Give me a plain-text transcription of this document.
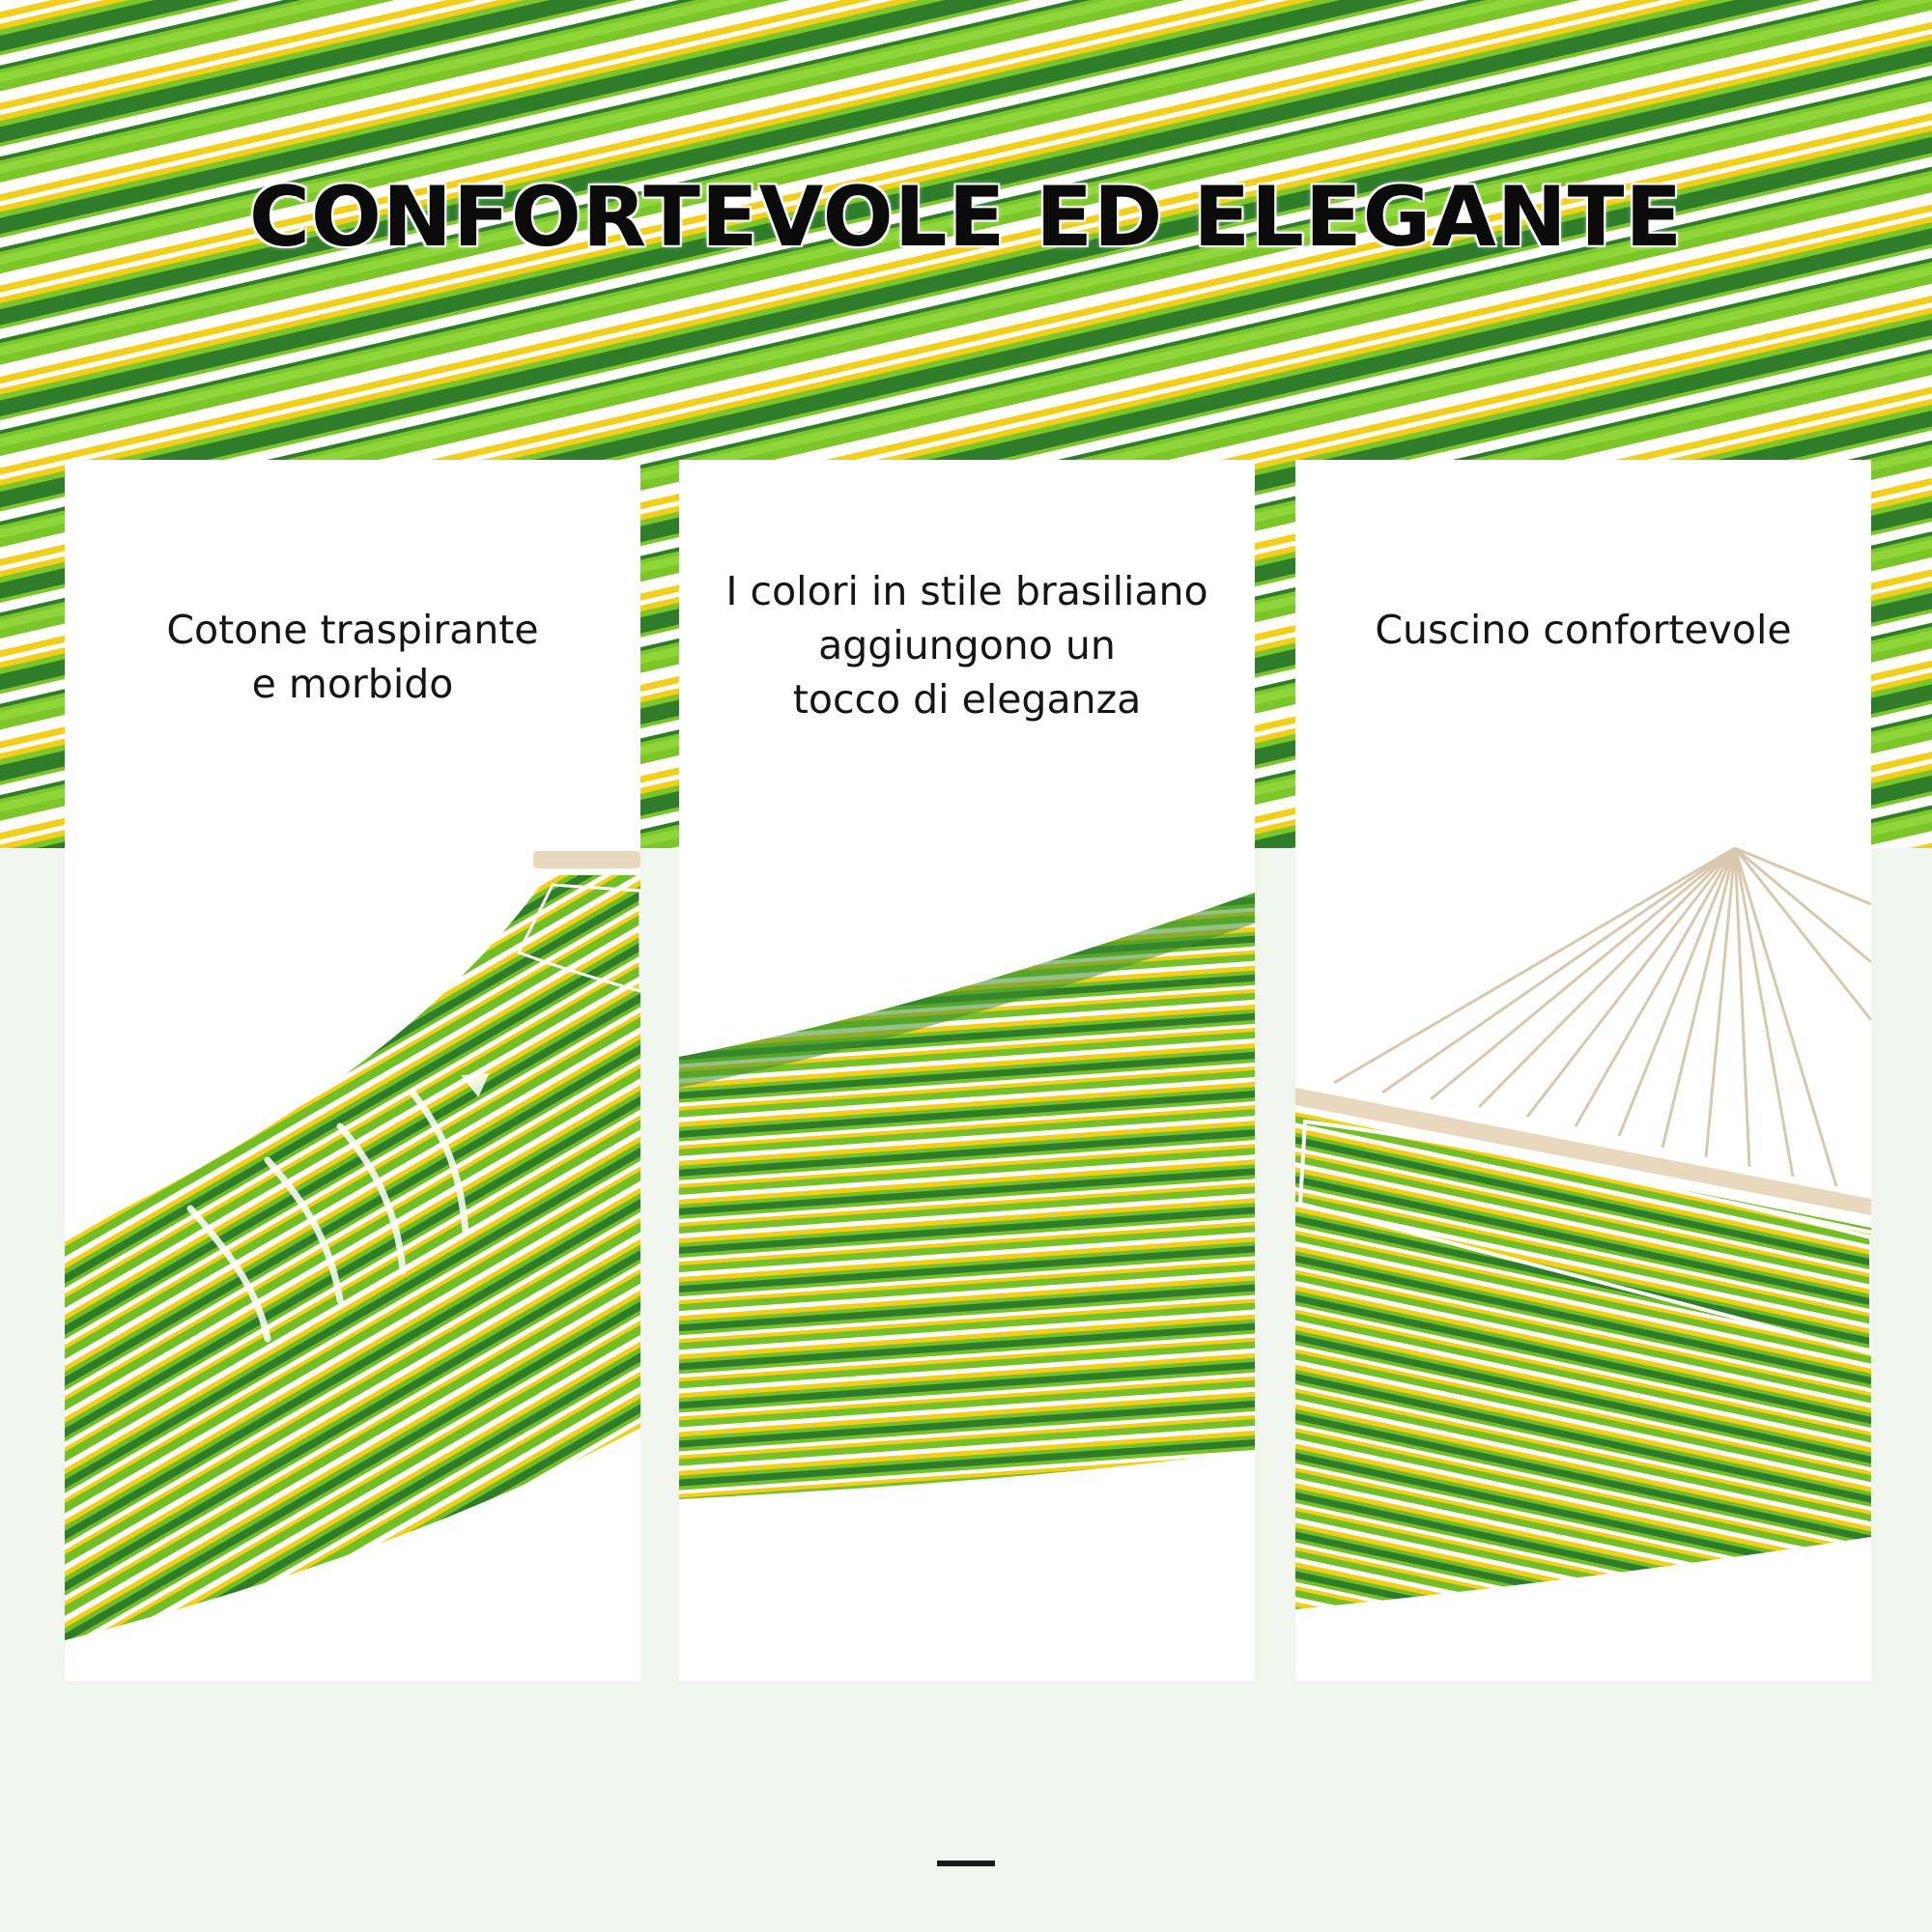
CONFORTEVOLE ED ELEGANTE
Cotone traspirante
e morbido
I colori in stile brasiliano
aggiungono un
tocco di eleganza
Cuscino confortevole
